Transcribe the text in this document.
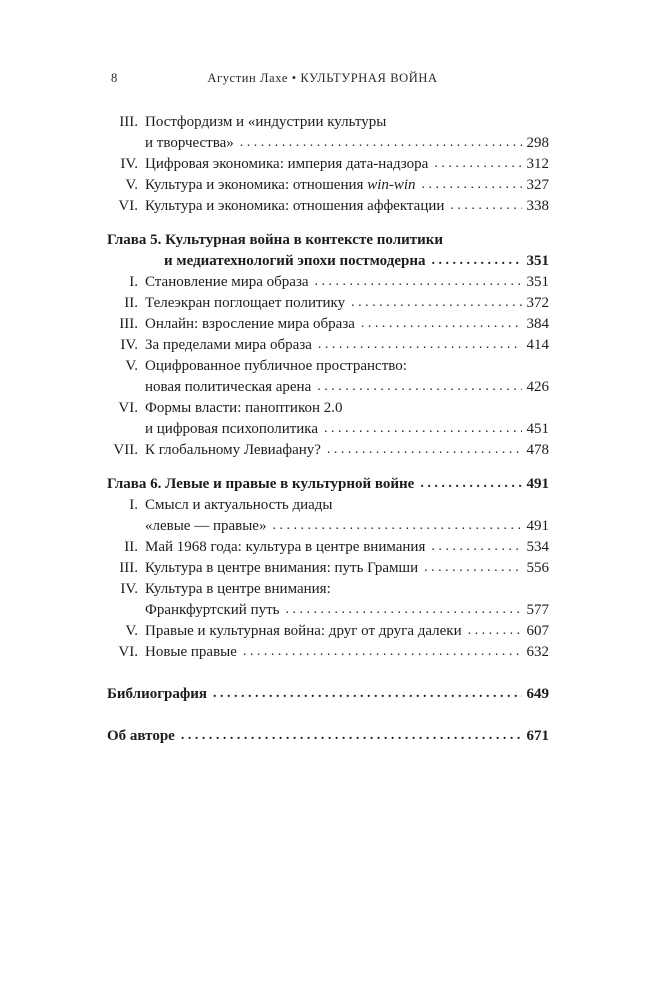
8	Агустин Лахе • КУЛЬТУРНАЯ ВОЙНА
III. Постфордизм и «индустрии культуры
и творчества» .....	298
IV. Цифровая экономика: империя дата-надзора .....	312
V. Культура и экономика: отношения win-win .....	327
VI. Культура и экономика: отношения аффектации .....	338
Глава 5. Культурная война в контексте политики
и медиатехнологий эпохи постмодерна .....	351
I. Становление мира образа .....	351
II. Телеэкран поглощает политику .....	372
III. Онлайн: взросление мира образа .....	384
IV. За пределами мира образа .....	414
V. Оцифрованное публичное пространство:
новая политическая арена .....	426
VI. Формы власти: паноптикон 2.0
и цифровая психополитика .....	451
VII. К глобальному Левиафану? .....	478
Глава 6. Левые и правые в культурной войне .....	491
I. Смысл и актуальность диады
«левые — правые» .....	491
II. Май 1968 года: культура в центре внимания .....	534
III. Культура в центре внимания: путь Грамши .....	556
IV. Культура в центре внимания:
Франкфуртский путь .....	577
V. Правые и культурная война: друг от друга далеки .....	607
VI. Новые правые .....	632
Библиография .....	649
Об авторе .....	671
